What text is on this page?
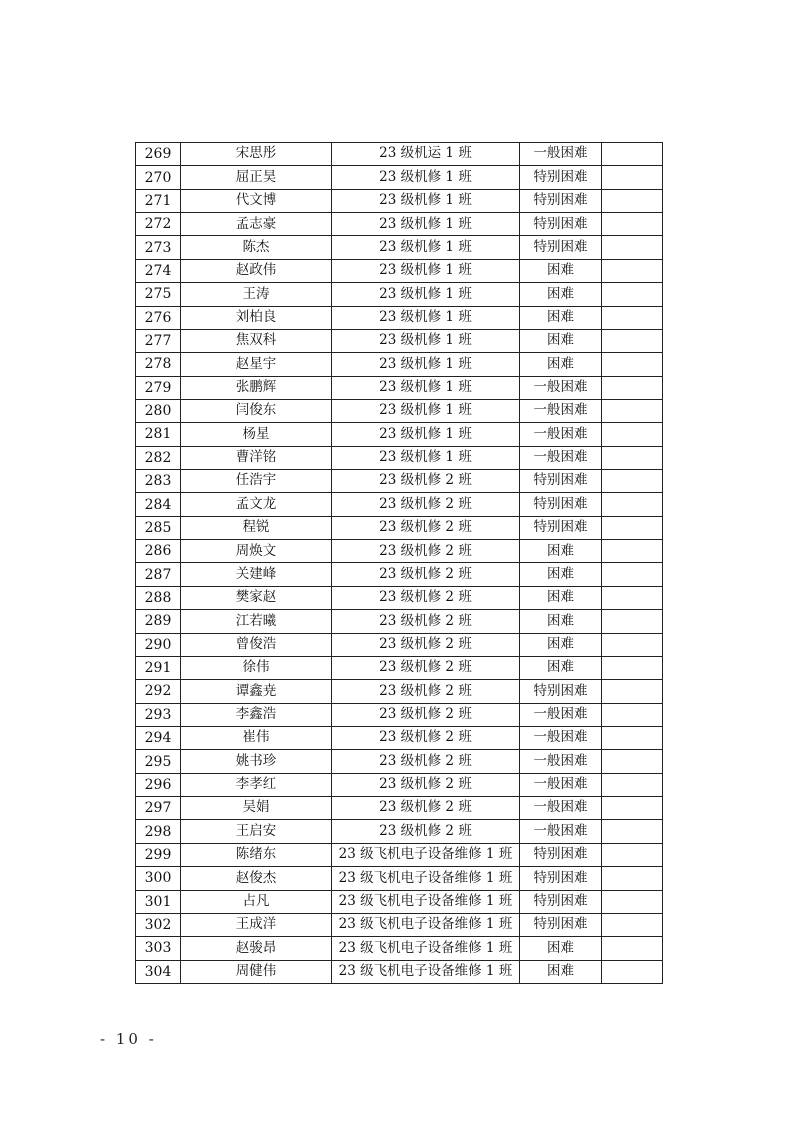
269	宋思彤	23 级机运 1 班	一般困难	
270	屈正昊	23 级机修 1 班	特别困难	
271	代文博	23 级机修 1 班	特别困难	
272	孟志豪	23 级机修 1 班	特别困难	
273	陈杰	23 级机修 1 班	特别困难	
274	赵政伟	23 级机修 1 班	困难	
275	王涛	23 级机修 1 班	困难	
276	刘柏良	23 级机修 1 班	困难	
277	焦双科	23 级机修 1 班	困难	
278	赵星宇	23 级机修 1 班	困难	
279	张鹏辉	23 级机修 1 班	一般困难	
280	闫俊东	23 级机修 1 班	一般困难	
281	杨星	23 级机修 1 班	一般困难	
282	曹洋铭	23 级机修 1 班	一般困难	
283	任浩宇	23 级机修 2 班	特别困难	
284	孟文龙	23 级机修 2 班	特别困难	
285	程锐	23 级机修 2 班	特别困难	
286	周焕文	23 级机修 2 班	困难	
287	关建峰	23 级机修 2 班	困难	
288	樊家赵	23 级机修 2 班	困难	
289	江若曦	23 级机修 2 班	困难	
290	曾俊浩	23 级机修 2 班	困难	
291	徐伟	23 级机修 2 班	困难	
292	谭鑫尭	23 级机修 2 班	特别困难	
293	李鑫浩	23 级机修 2 班	一般困难	
294	崔伟	23 级机修 2 班	一般困难	
295	姚书珍	23 级机修 2 班	一般困难	
296	李孝红	23 级机修 2 班	一般困难	
297	吴娟	23 级机修 2 班	一般困难	
298	王启安	23 级机修 2 班	一般困难	
299	陈绪东	23 级飞机电子设备维修 1 班	特别困难	
300	赵俊杰	23 级飞机电子设备维修 1 班	特别困难	
301	占凡	23 级飞机电子设备维修 1 班	特别困难	
302	王成洋	23 级飞机电子设备维修 1 班	特别困难	
303	赵骏昂	23 级飞机电子设备维修 1 班	困难	
304	周健伟	23 级飞机电子设备维修 1 班	困难	
- 10 -
